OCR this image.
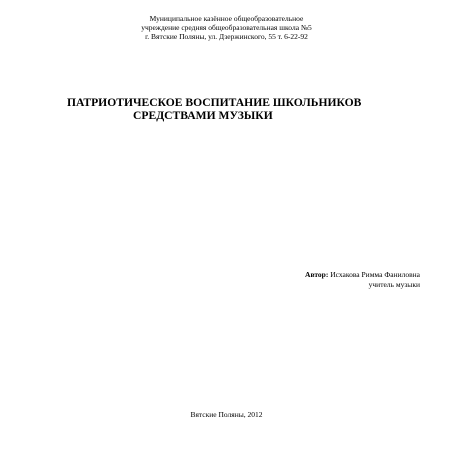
Муниципальное казённое общеобразовательное
учреждение средняя общеобразовательная школа №5
г. Вятские Поляны, ул. Дзержинского, 55 т. 6-22-92
ПАТРИОТИЧЕСКОЕ ВОСПИТАНИЕ ШКОЛЬНИКОВ
СРЕДСТВАМИ МУЗЫКИ
Автор: Исхакова Римма Фаниловна
учитель музыки
Вятские Поляны, 2012
